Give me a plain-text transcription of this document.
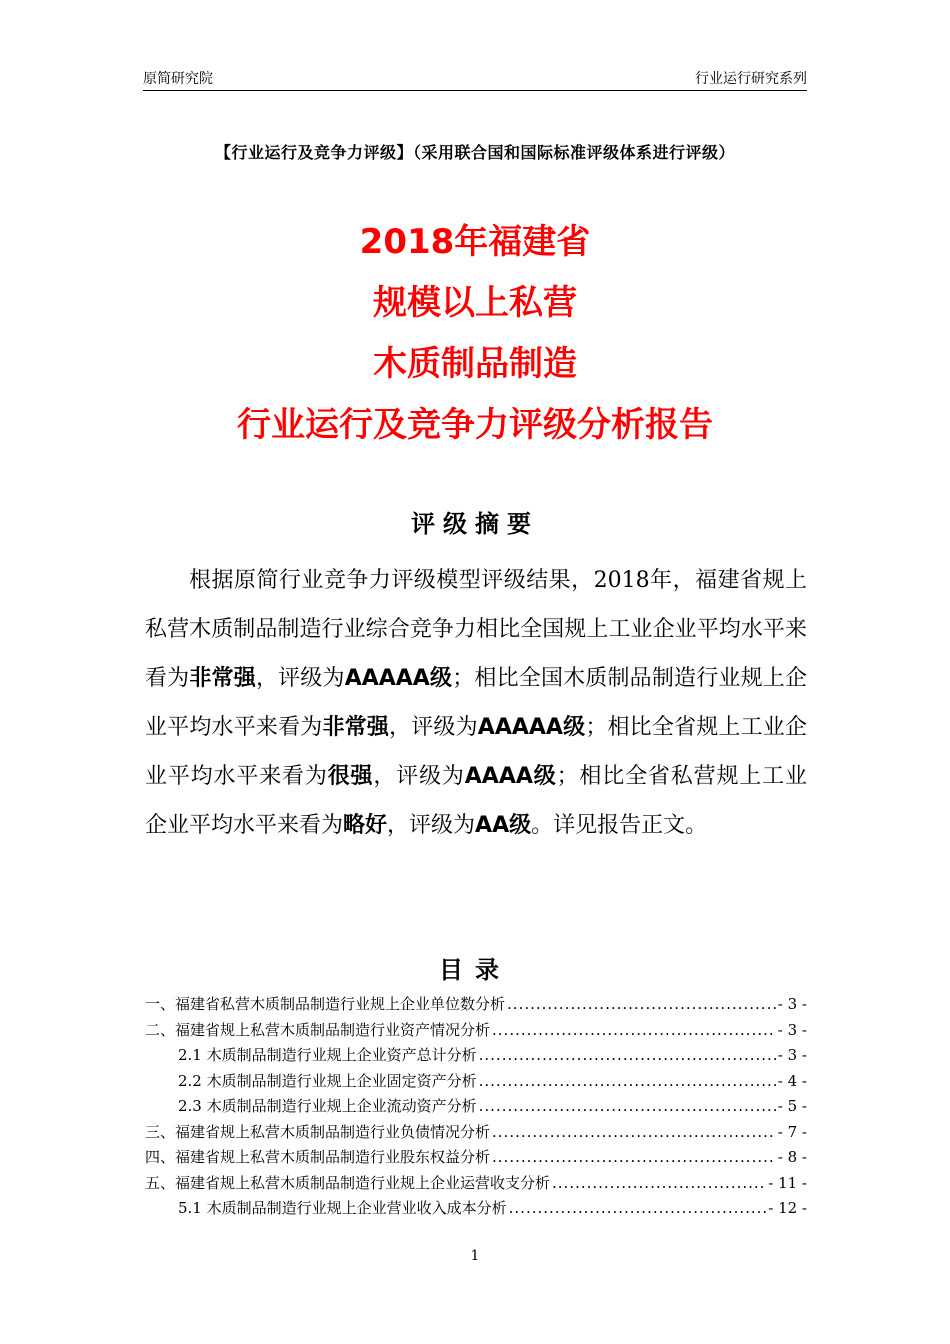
原简研究院	行业运行研究系列
【行业运行及竞争力评级】（采用联合国和国际标准评级体系进行评级）
2018年福建省
规模以上私营
木质制品制造
行业运行及竞争力评级分析报告
评级摘要

根据原简行业竞争力评级模型评级结果，2018年，福建省规上私营木质制品制造行业综合竞争力相比全国规上工业企业平均水平来看为非常强，评级为AAAAA级；相比全国木质制品制造行业规上企业平均水平来看为非常强，评级为AAAAA级；相比全省规上工业企业平均水平来看为很强，评级为AAAA级；相比全省私营规上工业企业平均水平来看为略好，评级为AA级。详见报告正文。

目录
一、福建省私营木质制品制造行业规上企业单位数分析 .....	- 3 -
二、福建省规上私营木质制品制造行业资产情况分析 .....	- 3 -
2.1 木质制品制造行业规上企业资产总计分析 .....	- 3 -
2.2 木质制品制造行业规上企业固定资产分析 .....	- 4 -
2.3 木质制品制造行业规上企业流动资产分析 .....	- 5 -
三、福建省规上私营木质制品制造行业负债情况分析 .....	- 7 -
四、福建省规上私营木质制品制造行业股东权益分析 .....	- 8 -
五、福建省规上私营木质制品制造行业规上企业运营收支分析 .....	- 11 -
5.1 木质制品制造行业规上企业营业收入成本分析 .....	- 12 -
1
